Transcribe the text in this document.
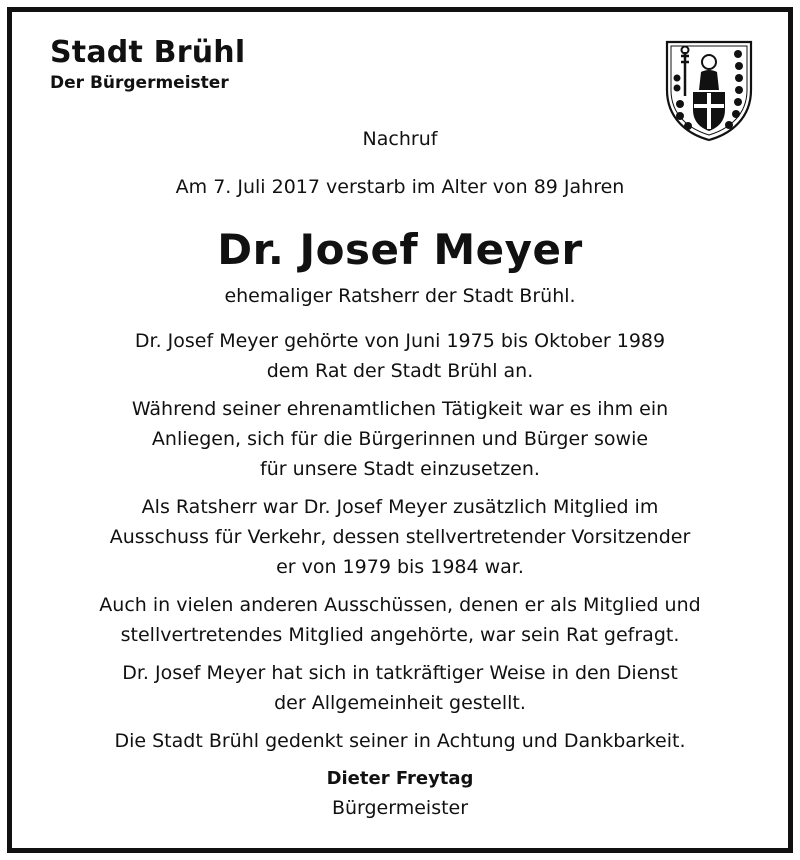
Stadt Brühl
Der Bürgermeister
Nachruf
Am 7. Juli 2017 verstarb im Alter von 89 Jahren
Dr. Josef Meyer
ehemaliger Ratsherr der Stadt Brühl.

Dr. Josef Meyer gehörte von Juni 1975 bis Oktober 1989
dem Rat der Stadt Brühl an.

Während seiner ehrenamtlichen Tätigkeit war es ihm ein
Anliegen, sich für die Bürgerinnen und Bürger sowie
für unsere Stadt einzusetzen.

Als Ratsherr war Dr. Josef Meyer zusätzlich Mitglied im
Ausschuss für Verkehr, dessen stellvertretender Vorsitzender
er von 1979 bis 1984 war.

Auch in vielen anderen Ausschüssen, denen er als Mitglied und
stellvertretendes Mitglied angehörte, war sein Rat gefragt.

Dr. Josef Meyer hat sich in tatkräftiger Weise in den Dienst
der Allgemeinheit gestellt.

Die Stadt Brühl gedenkt seiner in Achtung und Dankbarkeit.

Dieter Freytag
Bürgermeister
